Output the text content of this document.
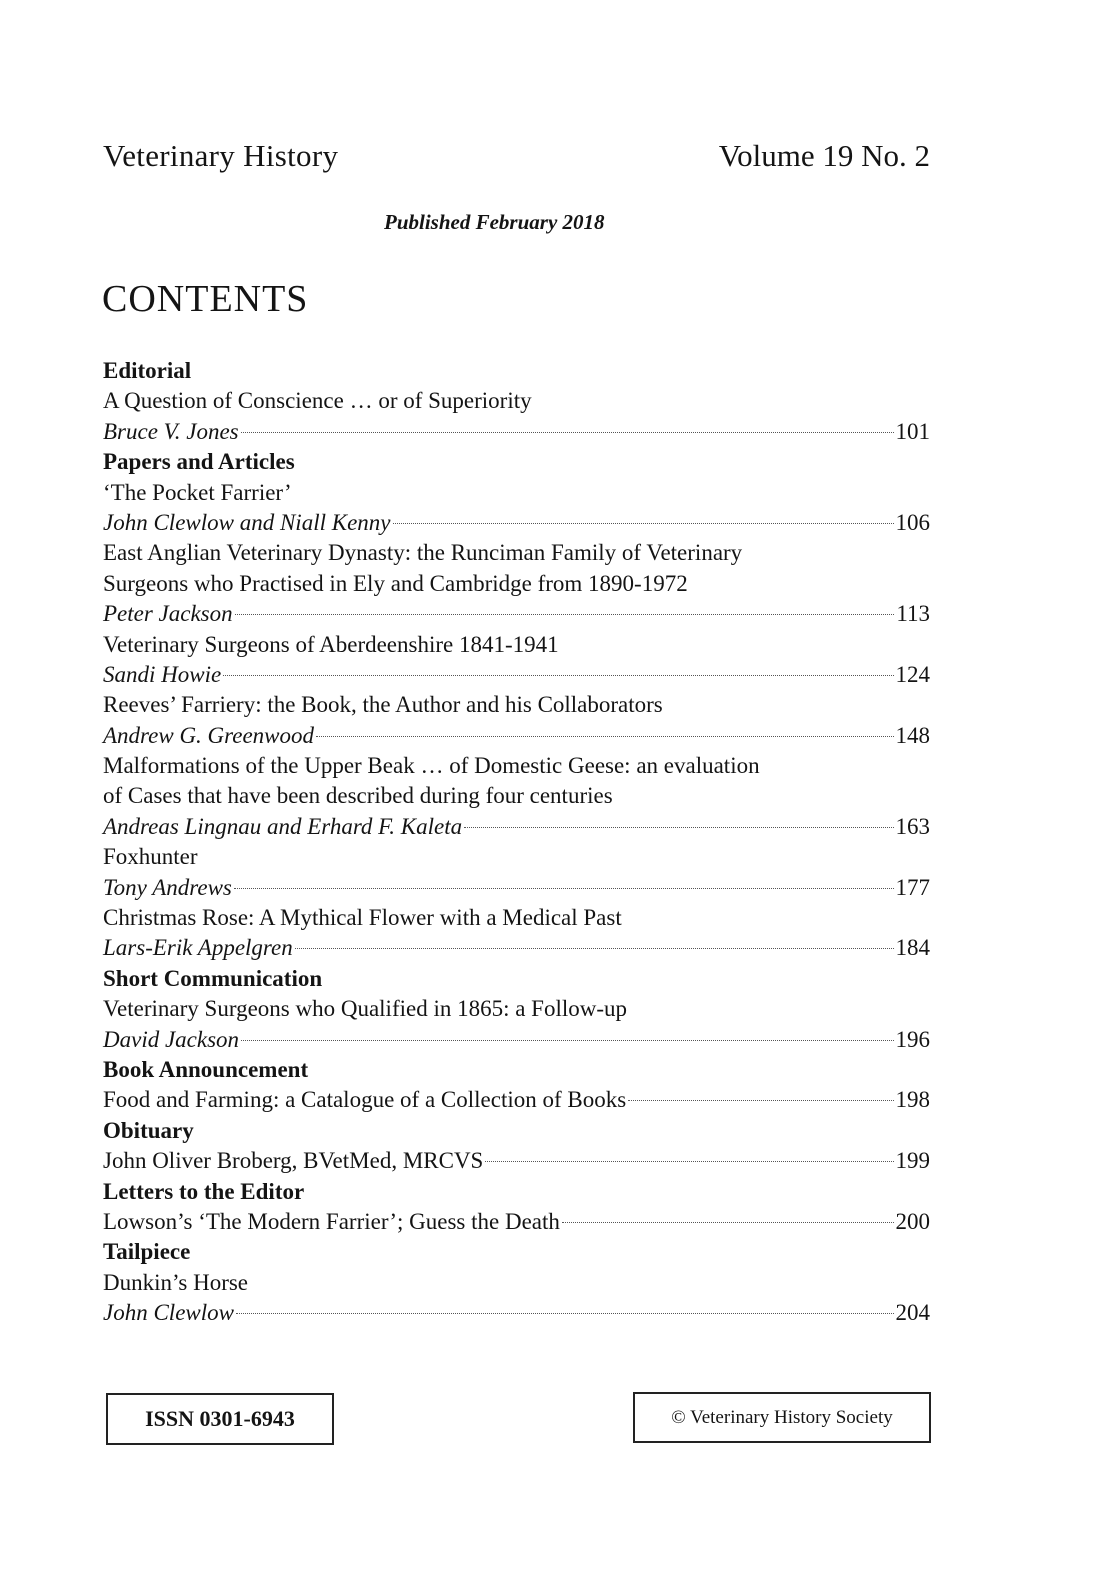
Veterinary History	Volume 19 No. 2
Published February 2018
CONTENTS
Editorial
A Question of Conscience … or of Superiority
Bruce V. Jones	101
Papers and Articles
‘The Pocket Farrier’
John Clewlow and Niall Kenny	106
East Anglian Veterinary Dynasty: the Runciman Family of Veterinary
Surgeons who Practised in Ely and Cambridge from 1890-1972
Peter Jackson	113
Veterinary Surgeons of Aberdeenshire 1841-1941
Sandi Howie	124
Reeves’ Farriery: the Book, the Author and his Collaborators
Andrew G. Greenwood	148
Malformations of the Upper Beak … of Domestic Geese: an evaluation
of Cases that have been described during four centuries
Andreas Lingnau and Erhard F. Kaleta	163
Foxhunter
Tony Andrews	177
Christmas Rose: A Mythical Flower with a Medical Past
Lars-Erik Appelgren	184
Short Communication
Veterinary Surgeons who Qualified in 1865: a Follow-up
David Jackson	196
Book Announcement
Food and Farming: a Catalogue of a Collection of Books	198
Obituary
John Oliver Broberg, BVetMed, MRCVS	199
Letters to the Editor
Lowson’s ‘The Modern Farrier’; Guess the Death	200
Tailpiece
Dunkin’s Horse
John Clewlow	204
ISSN 0301-6943	© Veterinary History Society
